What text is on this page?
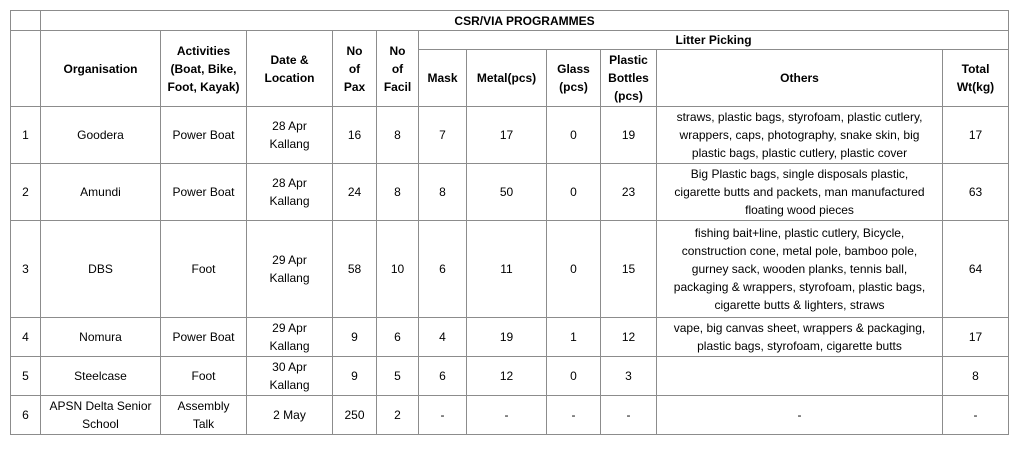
	CSR/VIA PROGRAMMES										
	Organisation	Activities
(Boat, Bike,
Foot, Kayak)	Date &
Location	No
of
Pax	No
of
Facil	Litter Picking					
						Mask	Metal(pcs)	Glass
(pcs)	Plastic
Bottles
(pcs)	Others	Total
Wt(kg)
1	Goodera	Power Boat	28 Apr
Kallang	16	8	7	17	0	19	straws, plastic bags, styrofoam, plastic cutlery,
wrappers, caps, photography, snake skin, big
plastic bags, plastic cutlery, plastic cover	17
2	Amundi	Power Boat	28 Apr
Kallang	24	8	8	50	0	23	Big Plastic bags, single disposals plastic,
cigarette butts and packets, man manufactured
floating wood pieces	63
3	DBS	Foot	29 Apr
Kallang	58	10	6	11	0	15	fishing bait+line, plastic cutlery, Bicycle,
construction cone, metal pole, bamboo pole,
gurney sack, wooden planks, tennis ball,
packaging & wrappers, styrofoam, plastic bags,
cigarette butts & lighters, straws	64
4	Nomura	Power Boat	29 Apr
Kallang	9	6	4	19	1	12	vape, big canvas sheet, wrappers & packaging,
plastic bags, styrofoam, cigarette butts	17
5	Steelcase	Foot	30 Apr
Kallang	9	5	6	12	0	3		8
6	APSN Delta Senior
School	Assembly
Talk	2 May	250	2	-	-	-	-	-	-
